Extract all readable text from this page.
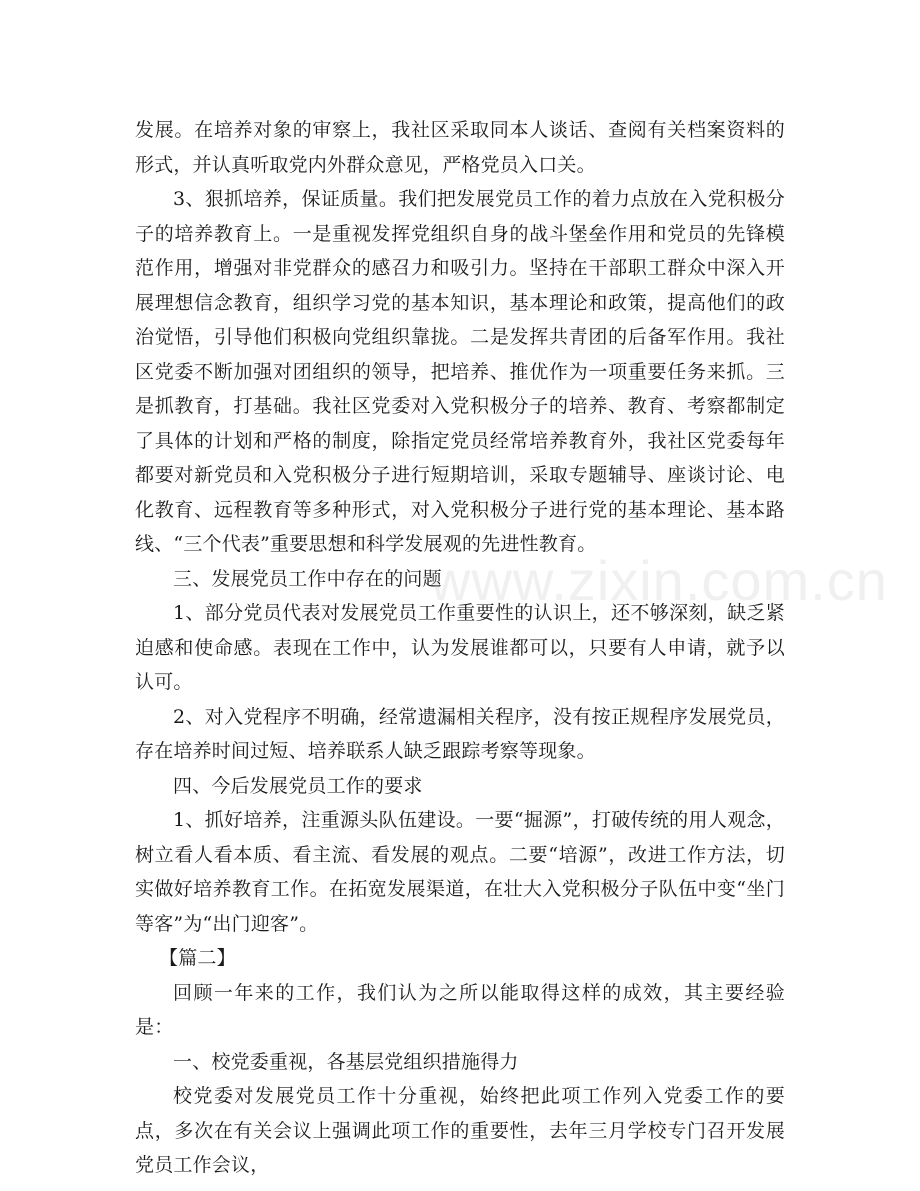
发展。在培养对象的审察上，我社区采取同本人谈话、查阅有关档案资料的形式，并认真听取党内外群众意见，严格党员入口关。

3、狠抓培养，保证质量。我们把发展党员工作的着力点放在入党积极分子的培养教育上。一是重视发挥党组织自身的战斗堡垒作用和党员的先锋模范作用，增强对非党群众的感召力和吸引力。坚持在干部职工群众中深入开展理想信念教育，组织学习党的基本知识，基本理论和政策，提高他们的政治觉悟，引导他们积极向党组织靠拢。二是发挥共青团的后备军作用。我社区党委不断加强对团组织的领导，把培养、推优作为一项重要任务来抓。三是抓教育，打基础。我社区党委对入党积极分子的培养、教育、考察都制定了具体的计划和严格的制度，除指定党员经常培养教育外，我社区党委每年都要对新党员和入党积极分子进行短期培训，采取专题辅导、座谈讨论、电化教育、远程教育等多种形式，对入党积极分子进行党的基本理论、基本路线、“三个代表”重要思想和科学发展观的先进性教育。

三、发展党员工作中存在的问题

1、部分党员代表对发展党员工作重要性的认识上，还不够深刻，缺乏紧迫感和使命感。表现在工作中，认为发展谁都可以，只要有人申请，就予以认可。

2、对入党程序不明确，经常遗漏相关程序，没有按正规程序发展党员，存在培养时间过短、培养联系人缺乏跟踪考察等现象。

四、今后发展党员工作的要求

1、抓好培养，注重源头队伍建设。一要“掘源”，打破传统的用人观念，树立看人看本质、看主流、看发展的观点。二要“培源”，改进工作方法，切实做好培养教育工作。在拓宽发展渠道，在壮大入党积极分子队伍中变“坐门等客”为“出门迎客”。

【篇二】

回顾一年来的工作，我们认为之所以能取得这样的成效，其主要经验是：

一、校党委重视，各基层党组织措施得力

校党委对发展党员工作十分重视，始终把此项工作列入党委工作的要点，多次在有关会议上强调此项工作的重要性，去年三月学校专门召开发展党员工作会议，

www.zixin.com.cn
